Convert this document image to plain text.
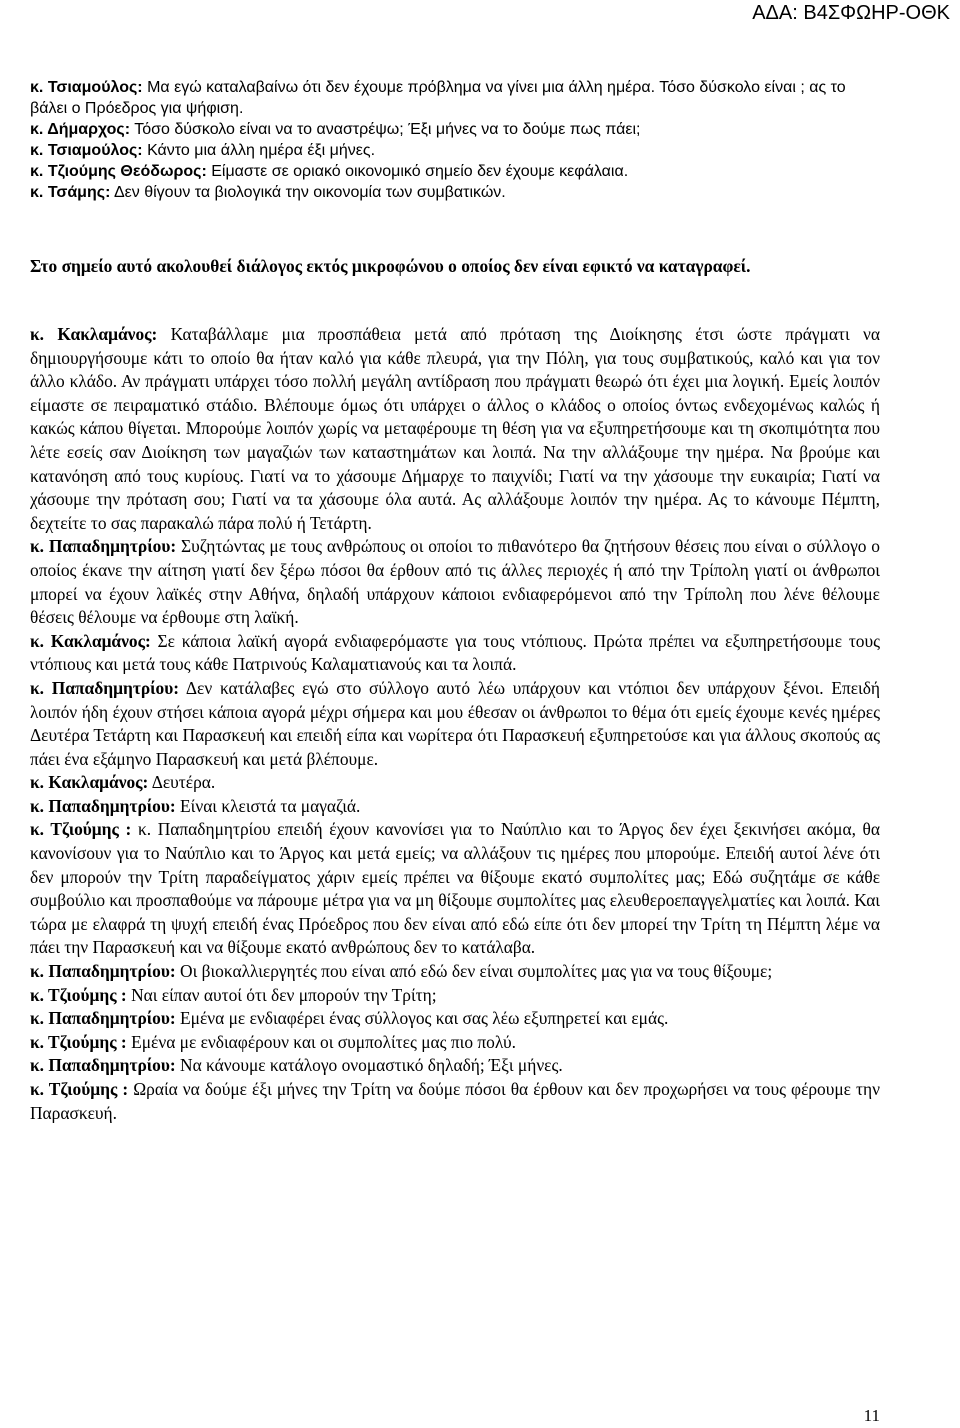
ΑΔΑ: Β4ΣΦΩΗΡ-ΟΘΚ

κ. Τσιαμούλος: Μα εγώ καταλαβαίνω ότι δεν έχουμε πρόβλημα να γίνει μια άλλη ημέρα. Τόσο δύσκολο είναι ; ας το βάλει ο Πρόεδρος για ψήφιση.

κ. Δήμαρχος: Τόσο δύσκολο είναι να το αναστρέψω; Έξι μήνες να το δούμε πως πάει;

κ. Τσιαμούλος: Κάντο μια άλλη ημέρα έξι μήνες.

κ. Τζιούμης Θεόδωρος: Είμαστε σε οριακό οικονομικό σημείο δεν έχουμε κεφάλαια.

κ. Τσάμης: Δεν θίγουν τα βιολογικά την οικονομία των συμβατικών.

Στο σημείο αυτό ακολουθεί διάλογος εκτός μικροφώνου ο οποίος δεν είναι εφικτό να καταγραφεί.

κ. Κακλαμάνος: Καταβάλλαμε μια προσπάθεια μετά από πρόταση της Διοίκησης έτσι ώστε πράγματι να δημιουργήσουμε κάτι το οποίο θα ήταν καλό για κάθε πλευρά, για την Πόλη, για τους συμβατικούς, καλό και για τον άλλο κλάδο. Αν πράγματι υπάρχει τόσο πολλή μεγάλη αντίδραση που πράγματι θεωρώ ότι έχει μια λογική. Εμείς λοιπόν είμαστε σε πειραματικό στάδιο. Βλέπουμε όμως ότι υπάρχει ο άλλος ο κλάδος ο οποίος όντως ενδεχομένως καλώς ή κακώς κάπου θίγεται. Μπορούμε λοιπόν χωρίς να μεταφέρουμε τη θέση για να εξυπηρετήσουμε και τη σκοπιμότητα που λέτε εσείς σαν Διοίκηση των μαγαζιών των καταστημάτων και λοιπά. Να την αλλάξουμε την ημέρα. Να βρούμε και κατανόηση από τους κυρίους. Γιατί να το χάσουμε Δήμαρχε το παιχνίδι; Γιατί να την χάσουμε την ευκαιρία; Γιατί να χάσουμε την πρόταση σου; Γιατί να τα χάσουμε όλα αυτά. Ας αλλάξουμε λοιπόν την ημέρα. Ας το κάνουμε Πέμπτη, δεχτείτε το σας παρακαλώ πάρα πολύ ή Τετάρτη.

κ. Παπαδημητρίου: Συζητώντας με τους ανθρώπους οι οποίοι το πιθανότερο θα ζητήσουν θέσεις που είναι ο σύλλογο ο οποίος έκανε την αίτηση γιατί δεν ξέρω πόσοι θα έρθουν από τις άλλες περιοχές ή από την Τρίπολη γιατί οι άνθρωποι μπορεί να έχουν λαϊκές στην Αθήνα, δηλαδή υπάρχουν κάποιοι ενδιαφερόμενοι από την Τρίπολη που λένε θέλουμε θέσεις θέλουμε να έρθουμε στη λαϊκή.

κ. Κακλαμάνος: Σε κάποια λαϊκή αγορά ενδιαφερόμαστε για τους ντόπιους. Πρώτα πρέπει να εξυπηρετήσουμε τους ντόπιους και μετά τους κάθε Πατρινούς Καλαματιανούς και τα λοιπά.

κ. Παπαδημητρίου: Δεν κατάλαβες εγώ στο σύλλογο αυτό λέω υπάρχουν και ντόπιοι δεν υπάρχουν ξένοι. Επειδή λοιπόν ήδη έχουν στήσει κάποια αγορά μέχρι σήμερα και μου έθεσαν οι άνθρωποι το θέμα ότι εμείς έχουμε κενές ημέρες Δευτέρα Τετάρτη και Παρασκευή και επειδή είπα και νωρίτερα ότι Παρασκευή εξυπηρετούσε και για άλλους σκοπούς ας πάει ένα εξάμηνο Παρασκευή και μετά βλέπουμε.

κ. Κακλαμάνος: Δευτέρα.

κ. Παπαδημητρίου: Είναι κλειστά τα μαγαζιά.

κ. Τζιούμης : κ. Παπαδημητρίου επειδή έχουν κανονίσει για το Ναύπλιο και το Άργος δεν έχει ξεκινήσει ακόμα, θα κανονίσουν για το Ναύπλιο και το Άργος και μετά εμείς; να αλλάξουν τις ημέρες που μπορούμε. Επειδή αυτοί λένε ότι δεν μπορούν την Τρίτη παραδείγματος χάριν εμείς πρέπει να θίξουμε εκατό συμπολίτες μας; Εδώ συζητάμε σε κάθε συμβούλιο και προσπαθούμε να πάρουμε μέτρα για να μη θίξουμε συμπολίτες μας ελευθεροεπαγγελματίες και λοιπά. Και τώρα με ελαφρά τη ψυχή επειδή ένας Πρόεδρος που δεν είναι από εδώ είπε ότι δεν μπορεί την Τρίτη τη Πέμπτη λέμε να πάει την Παρασκευή και να θίξουμε εκατό ανθρώπους δεν το κατάλαβα.

κ. Παπαδημητρίου: Οι βιοκαλλιεργητές που είναι από εδώ δεν είναι συμπολίτες μας για να τους θίξουμε;

κ. Τζιούμης : Ναι είπαν αυτοί ότι δεν μπορούν την Τρίτη;

κ. Παπαδημητρίου: Εμένα με ενδιαφέρει ένας σύλλογος και σας λέω εξυπηρετεί και εμάς.

κ. Τζιούμης : Εμένα με ενδιαφέρουν και οι συμπολίτες μας πιο πολύ.

κ. Παπαδημητρίου: Να κάνουμε κατάλογο ονομαστικό δηλαδή; Έξι μήνες.

κ. Τζιούμης : Ωραία να δούμε έξι μήνες την Τρίτη να δούμε πόσοι θα έρθουν και δεν προχωρήσει να τους φέρουμε την Παρασκευή.

11
